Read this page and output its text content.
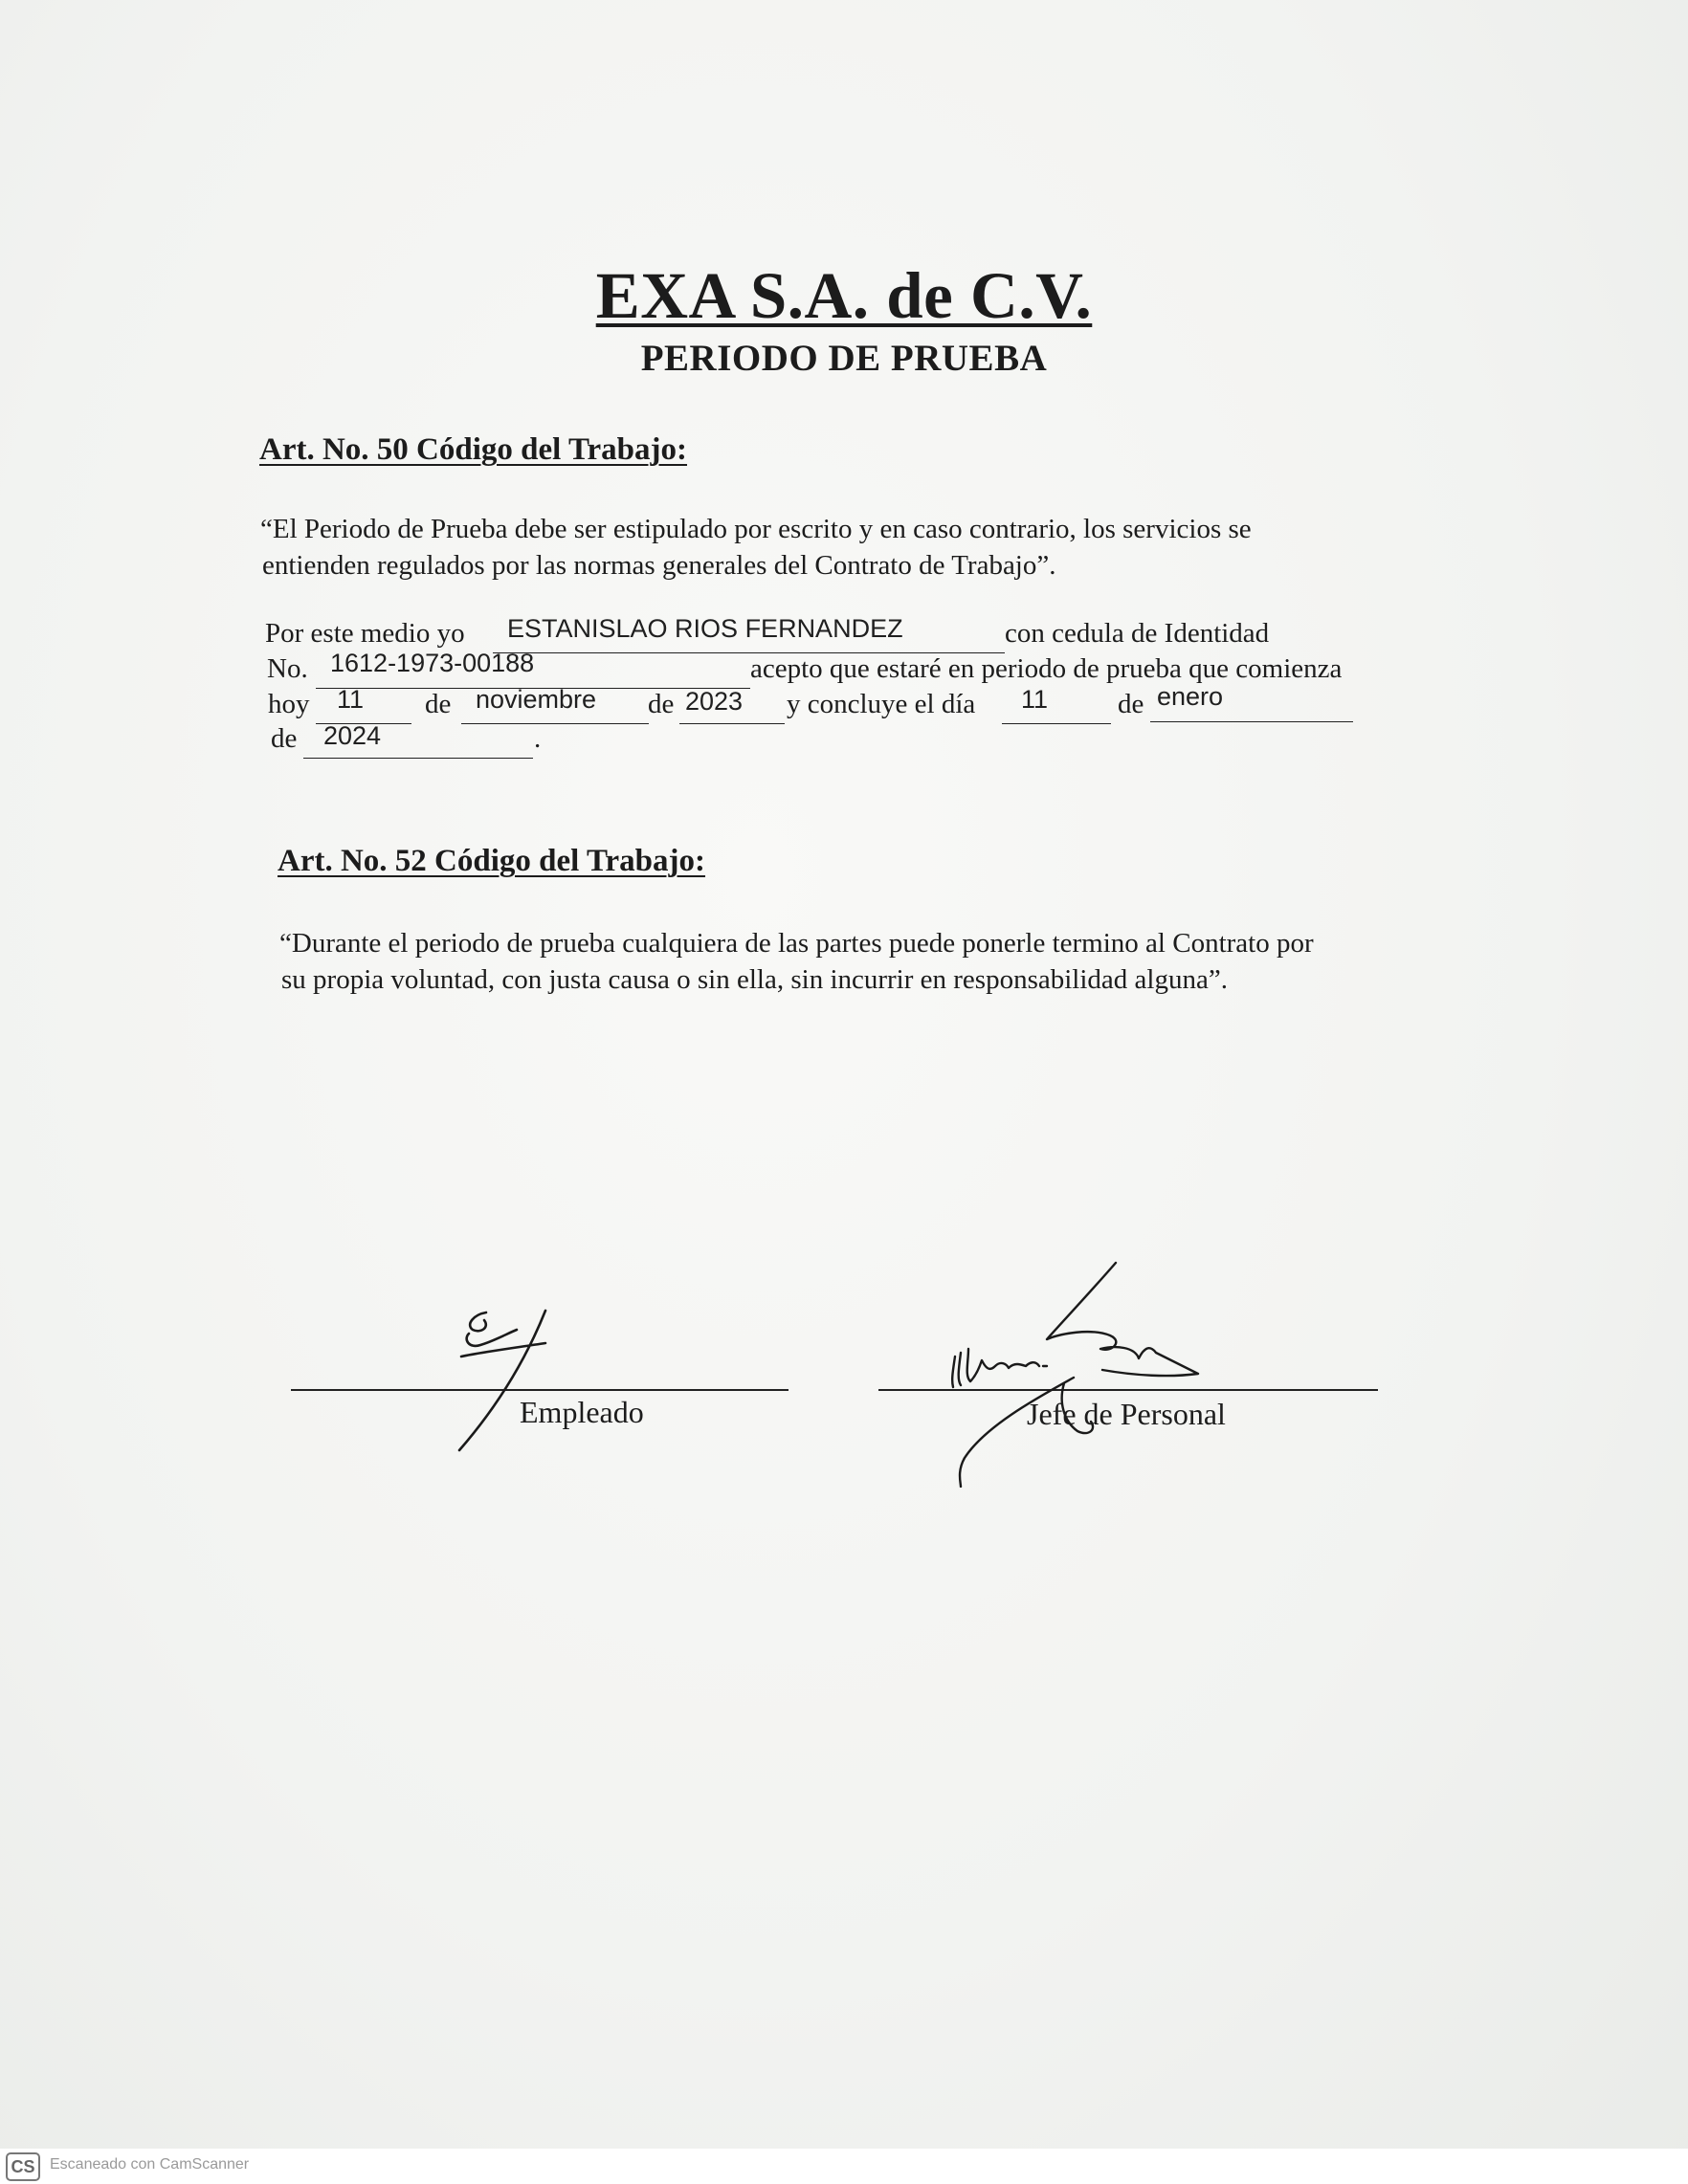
EXA S.A. de C.V.
PERIODO DE PRUEBA
Art. No. 50 Código del Trabajo:
“El Periodo de Prueba debe ser estipulado por escrito y en caso contrario, los servicios se
entienden regulados por las normas generales del Contrato de Trabajo”.
Por este medio yo ESTANISLAO RIOS FERNANDEZ	con cedula de Identidad
No. 1612-1973-00188	acepto que estaré en periodo de prueba que comienza
hoy 11 de noviembre de 2023 y concluye el día 11	de enero
de 2024	.
Art. No. 52 Código del Trabajo:
“Durante el periodo de prueba cualquiera de las partes puede ponerle termino al Contrato por
su propia voluntad, con justa causa o sin ella, sin incurrir en responsabilidad alguna”.
Empleado	Jefe de Personal
CS Escaneado con CamScanner
